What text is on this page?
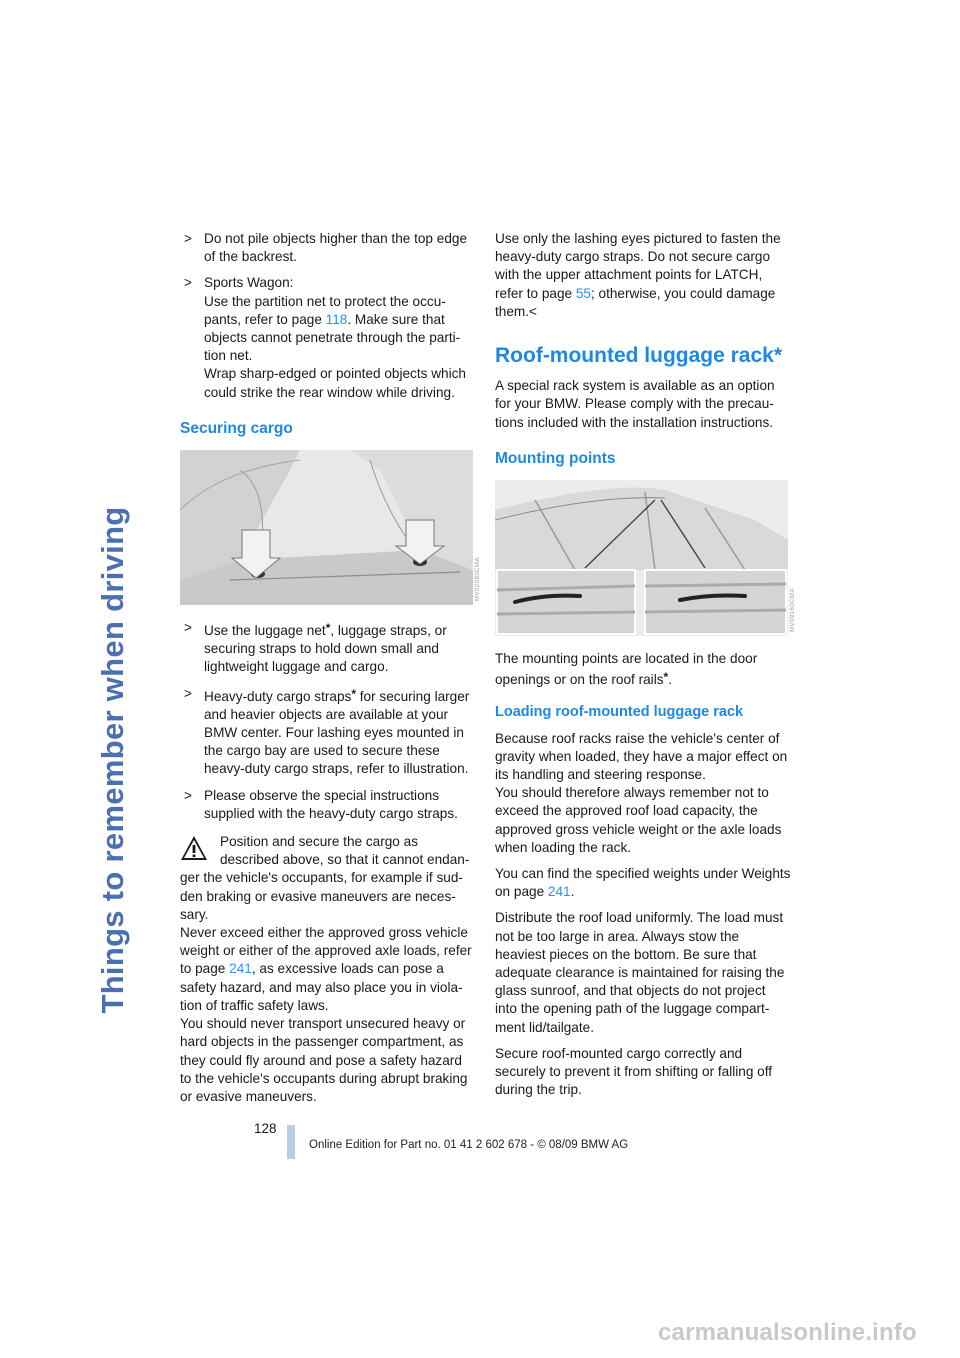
Things to remember when driving
> Do not pile objects higher than the top edge of the backrest.
> Sports Wagon:
Use the partition net to protect the occupants, refer to page 118. Make sure that objects cannot penetrate through the partition net.
Wrap sharp-edged or pointed objects which could strike the rear window while driving.
Securing cargo
MV02080CMA
> Use the luggage net*, luggage straps, or securing straps to hold down small and lightweight luggage and cargo.
> Heavy-duty cargo straps* for securing larger and heavier objects are available at your BMW center. Four lashing eyes mounted in the cargo bay are used to secure these heavy-duty cargo straps, refer to illustration.
> Please observe the special instructions supplied with the heavy-duty cargo straps.

Position and secure the cargo as described above, so that it cannot endanger the vehicle's occupants, for example if sudden braking or evasive maneuvers are necessary.

Never exceed either the approved gross vehicle weight or either of the approved axle loads, refer to page 241, as excessive loads can pose a safety hazard, and may also place you in violation of traffic safety laws.

You should never transport unsecured heavy or hard objects in the passenger compartment, as they could fly around and pose a safety hazard to the vehicle's occupants during abrupt braking or evasive maneuvers.

Use only the lashing eyes pictured to fasten the heavy-duty cargo straps. Do not secure cargo with the upper attachment points for LATCH, refer to page 55; otherwise, you could damage them.<

Roof-mounted luggage rack*

A special rack system is available as an option for your BMW. Please comply with the precautions included with the installation instructions.

Mounting points
MV09160CMA

The mounting points are located in the door openings or on the roof rails*.

Loading roof-mounted luggage rack

Because roof racks raise the vehicle's center of gravity when loaded, they have a major effect on its handling and steering response.
You should therefore always remember not to exceed the approved roof load capacity, the approved gross vehicle weight or the axle loads when loading the rack.

You can find the specified weights under Weights on page 241.

Distribute the roof load uniformly. The load must not be too large in area. Always stow the heaviest pieces on the bottom. Be sure that adequate clearance is maintained for raising the glass sunroof, and that objects do not project into the opening path of the luggage compartment lid/tailgate.

Secure roof-mounted cargo correctly and securely to prevent it from shifting or falling off during the trip.

128
Online Edition for Part no. 01 41 2 602 678 - © 08/09 BMW AG
carmanualsonline.info
